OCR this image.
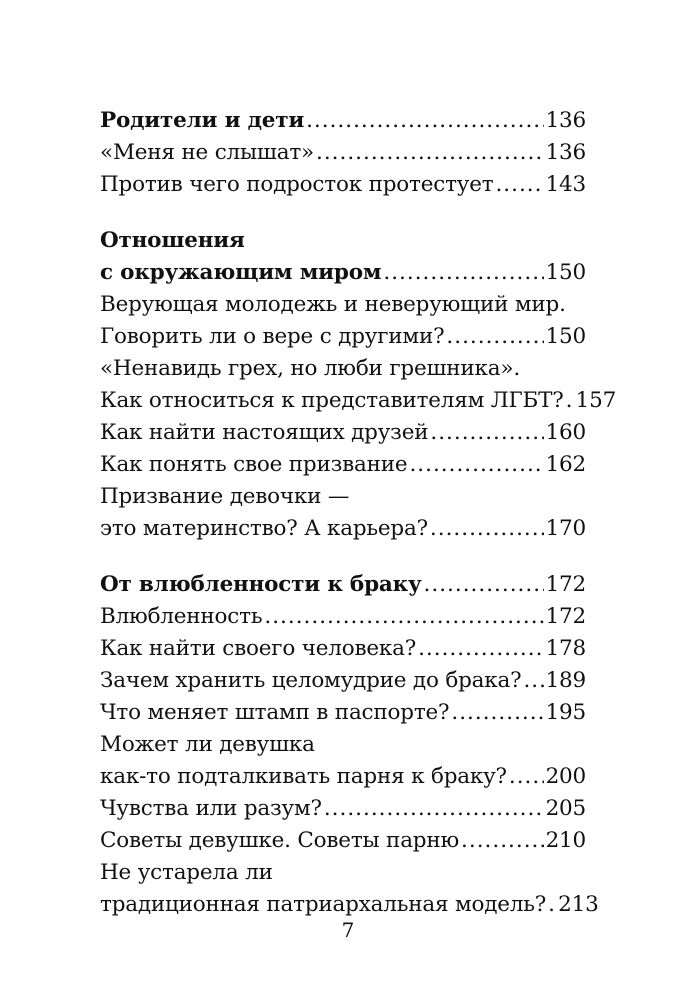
Родители и дети .....	136
«Меня не слышат» .....	136
Против чего подросток протестует ..... 143
Отношения
с окружающим миром .....	150
Верующая молодежь и неверующий мир.
Говорить ли о вере с другими? .....	150
«Ненавидь грех, но люби грешника».
Как относиться к представителям ЛГБТ? ..... 157
Как найти настоящих друзей .....	160
Как понять свое призвание .....	162
Призвание девочки —
это материнство? А карьера? .....	170
От влюбленности к браку .....	172
Влюбленность .....	172
Как найти своего человека? .....	178
Зачем хранить целомудрие до брака? ..... 189
Что меняет штамп в паспорте? .....	195
Может ли девушка
как-то подталкивать парня к браку? ..... 200
Чувства или разум? .....	205
Советы девушке. Советы парню .....	210
Не устарела ли
традиционная патриархальная модель? ..... 213
7
